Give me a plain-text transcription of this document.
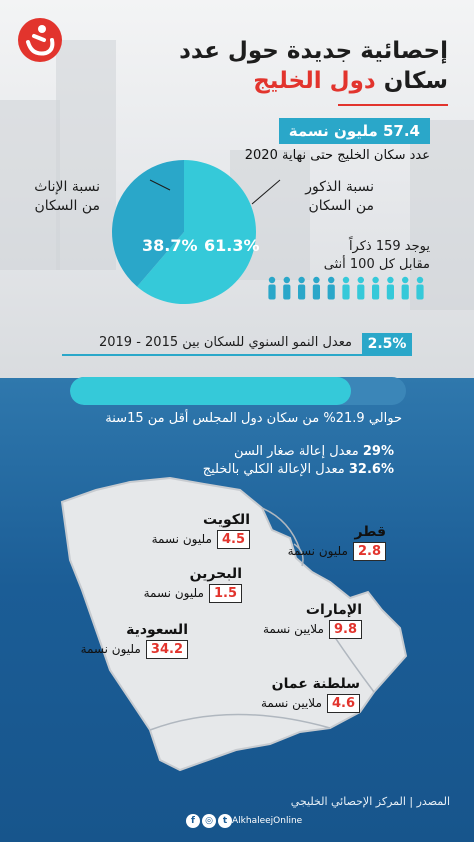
إحصائية جديدة حول عدد
سكان دول الخليج
57.4 مليون نسمة
عدد سكان الخليج حتى نهاية 2020
نسبة الإناث
من السكان
نسبة الذكور
من السكان
38.7% 61.3%	يوجد 159 ذكراً
مقابل كل 100 أنثى
2.5%
معدل النمو السنوي للسكان بين 2015 - 2019
حوالي 21.9% من سكان دول المجلس أقل من 15سنة
29% معدل إعالة صغار السن
32.6% معدل الإعالة الكلي بالخليج
الكويت
4.5 مليون نسمة	قطر
2.8 مليون نسمة
البحرين
1.5 مليون نسمة
الإمارات
9.8 ملايين نسمة
السعودية
34.2 مليون نسمة
سلطنة عمان
4.6 ملايين نسمة
المصدر | المركز الإحصائي الخليجي
f	◎	t AlkhaleejOnline
